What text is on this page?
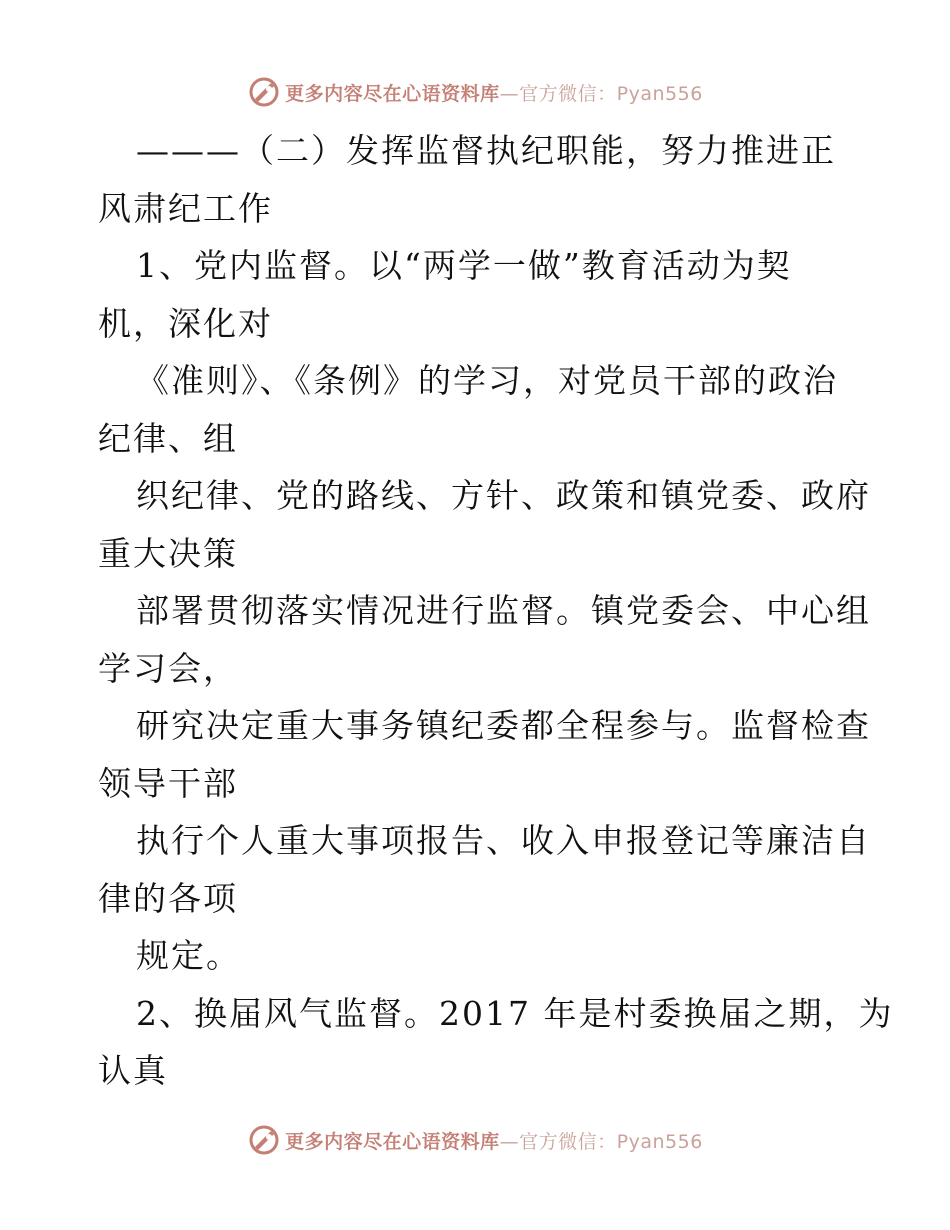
更多内容尽在心语资料库—官方微信：Pyan556
———（二）发挥监督执纪职能，努力推进正
风肃纪工作
1、党内监督。以“两学一做”教育活动为契
机，深化对
《准则》、《条例》的学习，对党员干部的政治
纪律、组
织纪律、党的路线、方针、政策和镇党委、政府
重大决策
部署贯彻落实情况进行监督。镇党委会、中心组
学习会，
研究决定重大事务镇纪委都全程参与。监督检查
领导干部
执行个人重大事项报告、收入申报登记等廉洁自
律的各项
规定。
2、换届风气监督。2017 年是村委换届之期，为
认真
更多内容尽在心语资料库—官方微信：Pyan556
